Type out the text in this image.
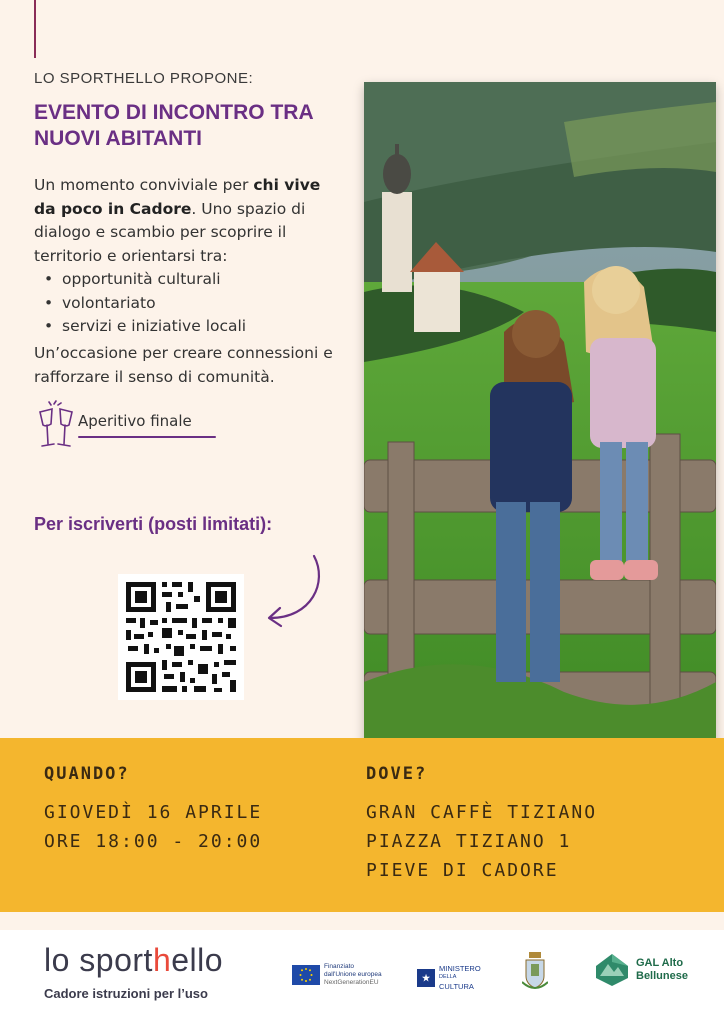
LO SPORTHELLO PROPONE:
EVENTO DI INCONTRO TRA NUOVI ABITANTI
Un momento conviviale per chi vive da poco in Cadore. Uno spazio di dialogo e scambio per scoprire il territorio e orientarsi tra:
• opportunità culturali
• volontariato
• servizi e iniziative locali
Un’occasione per creare connessioni e rafforzare il senso di comunità.
Aperitivo finale
Per iscriverti (posti limitati):
QUANDO?
GIOVEDÌ 16 APRILE
ORE 18:00 - 20:00
DOVE?
GRAN CAFFÈ TIZIANO
PIAZZA TIZIANO 1
PIEVE DI CADORE
lo sporthello
Cadore istruzioni per l’uso
Finanziato
dall'Unione europea
NextGenerationEU	★
MINISTERO
DELLA
CULTURA
GAL Alto
Bellunese
